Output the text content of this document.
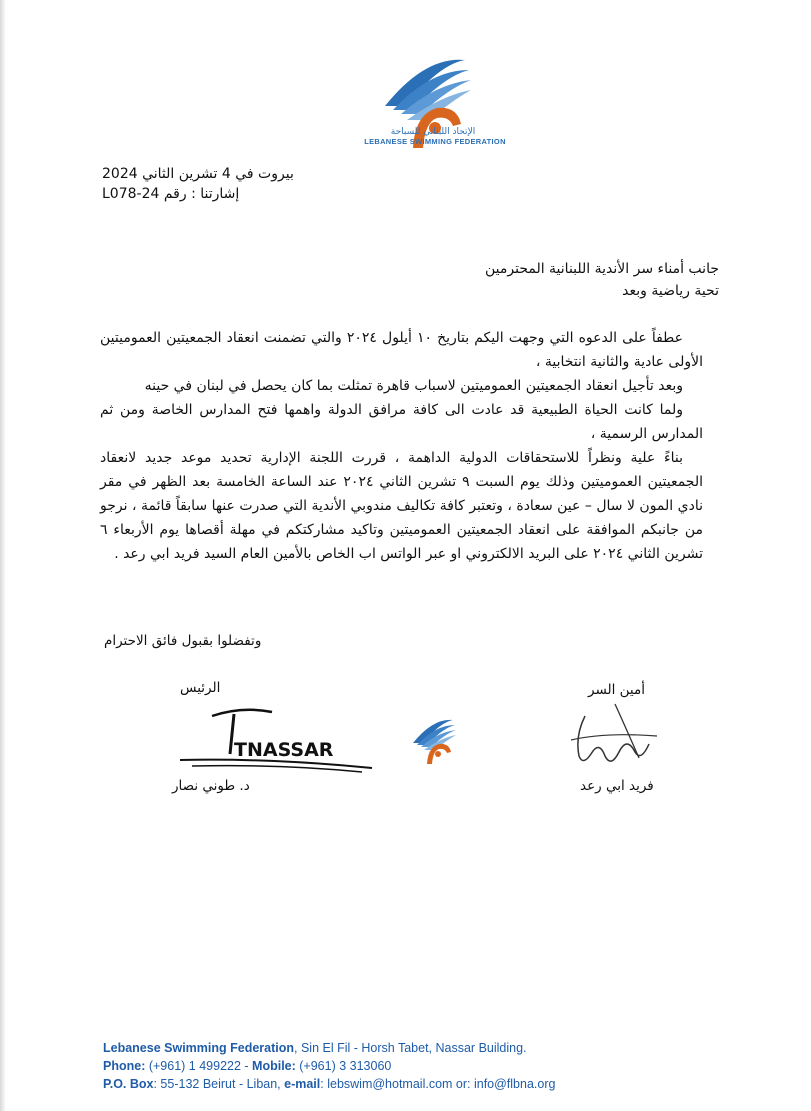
الإتحاد اللبناني للسباحة
LEBANESE SWIMMING FEDERATION
بيروت في 4 تشرين الثاني 2024
L078-24 إشارتنا : رقم
جانب أمناء سر الأندية اللبنانية المحترمين
تحية رياضية وبعد

عطفاً على الدعوه التي وجهت اليكم بتاريخ ١٠ أيلول ٢٠٢٤ والتي تضمنت انعقاد الجمعيتين العموميتين الأولى عادية والثانية انتخابية ،

وبعد تأجيل انعقاد الجمعيتين العموميتين لاسباب قاهرة تمثلت بما كان يحصل في لبنان في حينه

ولما كانت الحياة الطبيعية قد عادت الى كافة مرافق الدولة واهمها فتح المدارس الخاصة ومن ثم المدارس الرسمية ،

بناءً علية ونظراً للاستحقاقات الدولية الداهمة ، قررت اللجنة الإدارية تحديد موعد جديد لانعقاد الجمعيتين العموميتين وذلك يوم السبت ٩ تشرين الثاني ٢٠٢٤ عند الساعة الخامسة بعد الظهر في مقر نادي المون لا سال – عين سعادة ، وتعتبر كافة تكاليف مندوبي الأندية التي صدرت عنها سابقاً قائمة ، نرجو من جانبكم الموافقة على انعقاد الجمعيتين العموميتين وتاكيد مشاركتكم في مهلة أقصاها يوم الأربعاء ٦ تشرين الثاني ٢٠٢٤ على البريد الالكتروني او عبر الواتس اب الخاص بالأمين العام السيد فريد ابي رعد .

وتفضلوا بقبول فائق الاحترام
الرئيس
TNASSAR
د. طوني نصار
أمين السر
فريد ابي رعد
Lebanese Swimming Federation, Sin El Fil - Horsh Tabet, Nassar Building.
Phone: (+961) 1 499222 - Mobile: (+961) 3 313060
P.O. Box: 55-132 Beirut - Liban, e-mail: lebswim@hotmail.com or: info@flbna.org
